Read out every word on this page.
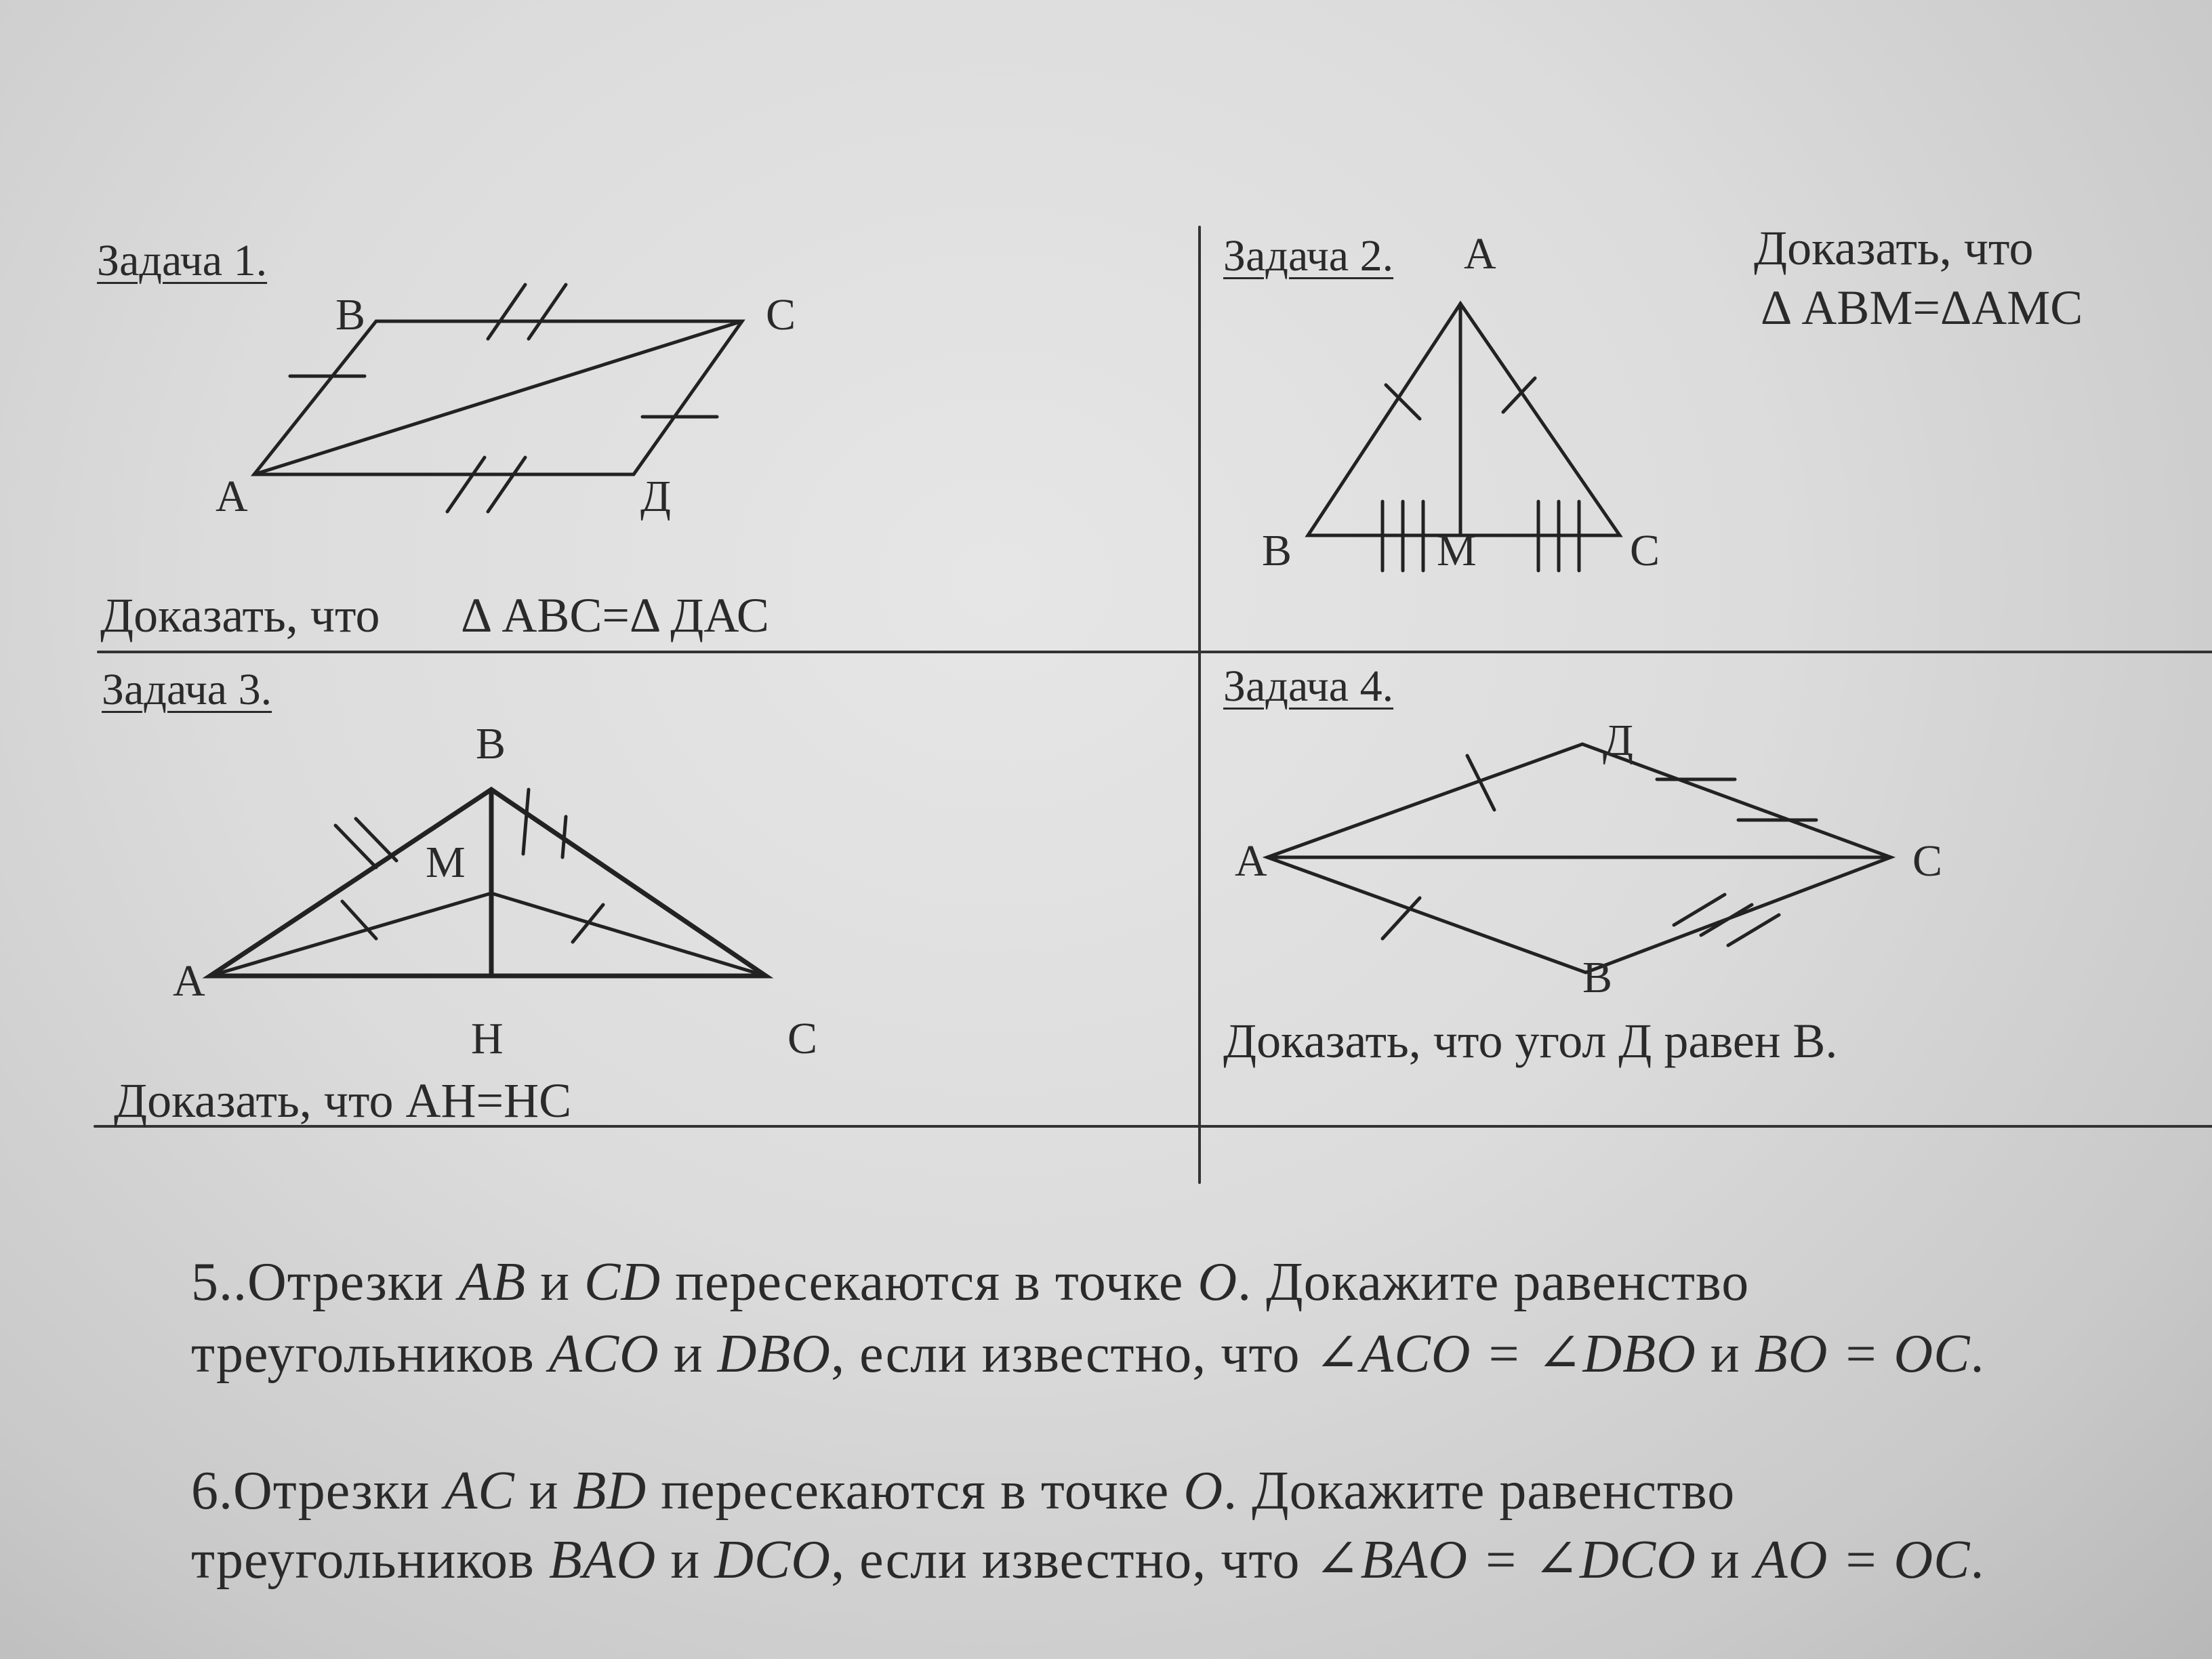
Задача 1.
В	С
А	Д
Доказать, что Δ АВС=Δ ДАС
Задача 2. А	Доказать, что
Δ АВМ=ΔАМС
В	М	С
Задача 3.
В
М
А
Н	С
Доказать, что АН=НС
Задача 4.
Д
А	С
В
Доказать, что угол Д равен В.
5..Отрезки AB и CD пересекаются в точке O. Докажите равенство
треугольников ACO и DBO, если известно, что ∠ACO = ∠DBO и BO = OC.
6.Отрезки AC и BD пересекаются в точке O. Докажите равенство
треугольников BAO и DCO, если известно, что ∠BAO = ∠DCO и AO = OC.
